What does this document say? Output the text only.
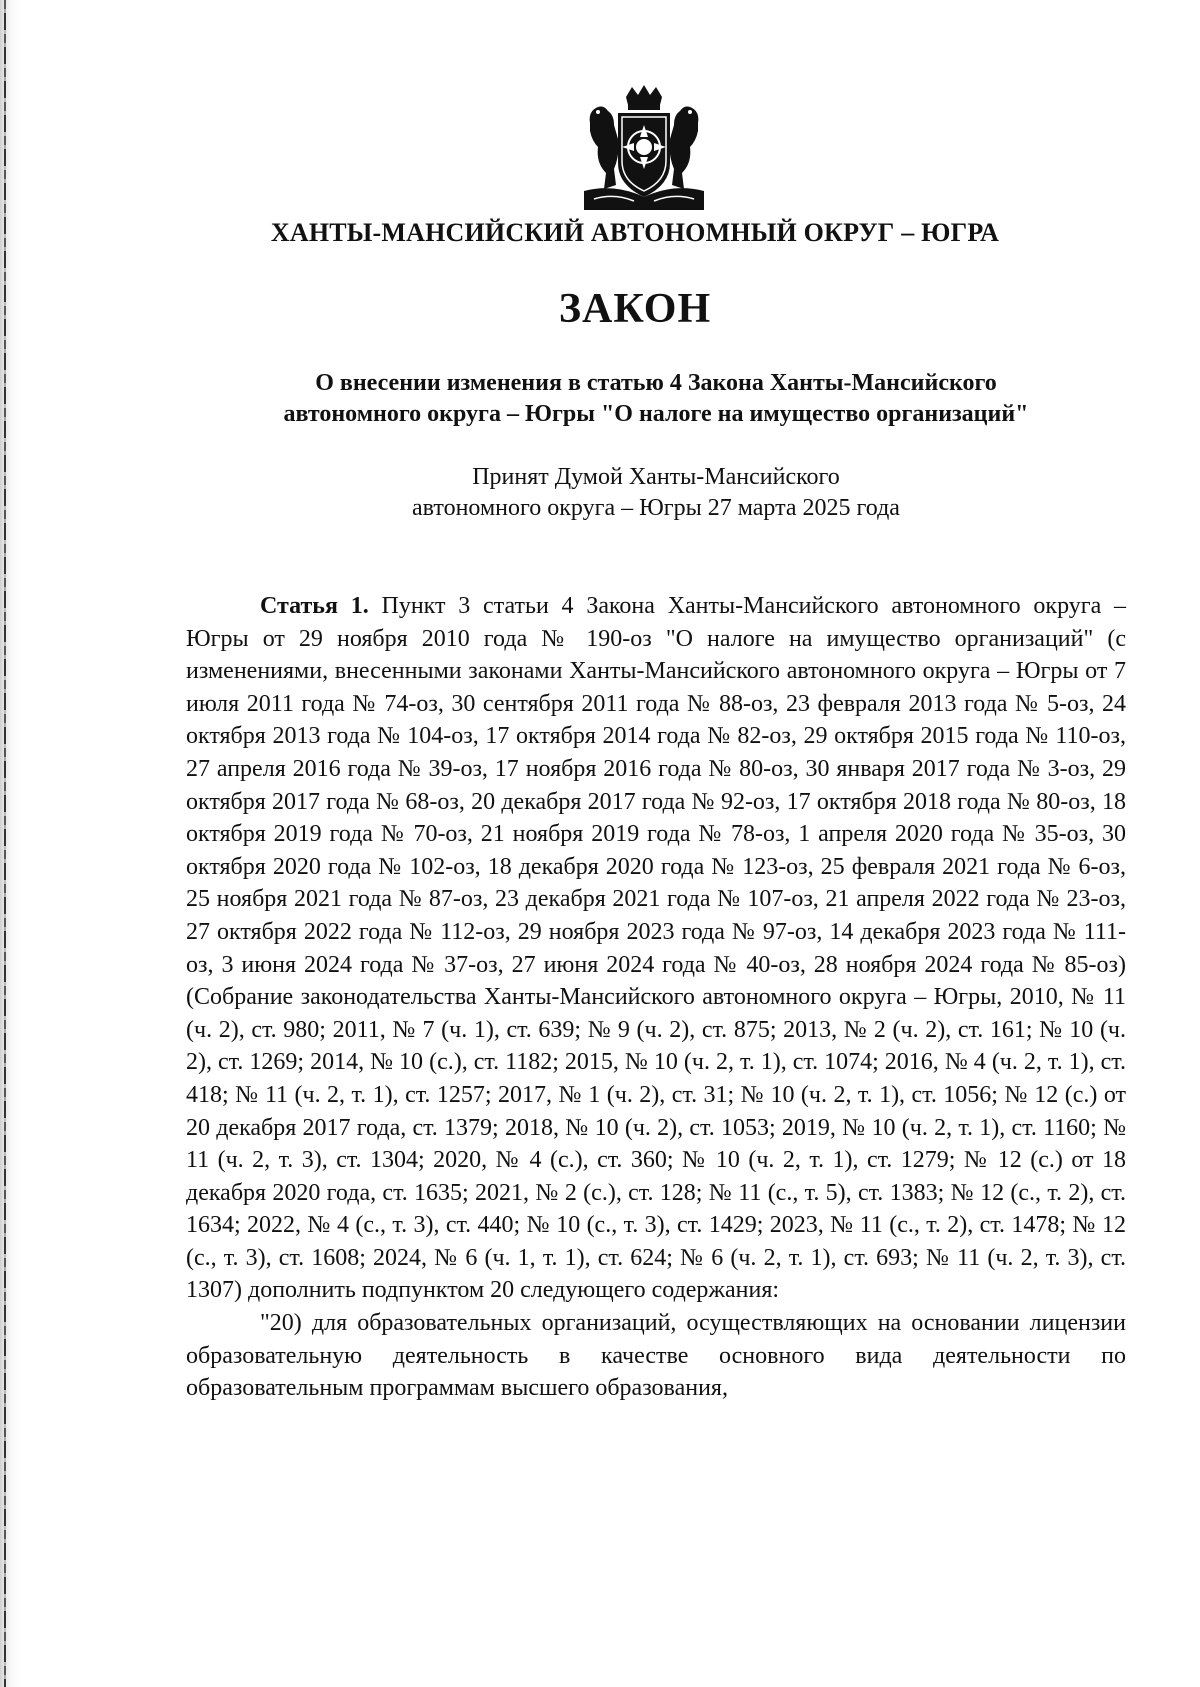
ХАНТЫ-МАНСИЙСКИЙ АВТОНОМНЫЙ ОКРУГ – ЮГРА
ЗАКОН
О внесении изменения в статью 4 Закона Ханты-Мансийского
автономного округа – Югры "О налоге на имущество организаций"
Принят Думой Ханты-Мансийского
автономного округа – Югры 27 марта 2025 года

Статья 1. Пункт 3 статьи 4 Закона Ханты-Мансийского автономного округа – Югры от 29 ноября 2010 года № 190-оз "О налоге на имущество организаций" (с изменениями, внесенными законами Ханты-Мансийского автономного округа – Югры от 7 июля 2011 года № 74-оз, 30 сентября 2011 года № 88-оз, 23 февраля 2013 года № 5-оз, 24 октября 2013 года № 104-оз, 17 октября 2014 года № 82-оз, 29 октября 2015 года № 110-оз, 27 апреля 2016 года № 39-оз, 17 ноября 2016 года № 80-оз, 30 января 2017 года № 3-оз, 29 октября 2017 года № 68-оз, 20 декабря 2017 года № 92-оз, 17 октября 2018 года № 80-оз, 18 октября 2019 года № 70-оз, 21 ноября 2019 года № 78-оз, 1 апреля 2020 года № 35-оз, 30 октября 2020 года № 102-оз, 18 декабря 2020 года № 123-оз, 25 февраля 2021 года № 6-оз, 25 ноября 2021 года № 87-оз, 23 декабря 2021 года № 107-оз, 21 апреля 2022 года № 23-оз, 27 октября 2022 года № 112-оз, 29 ноября 2023 года № 97-оз, 14 декабря 2023 года № 111-оз, 3 июня 2024 года № 37-оз, 27 июня 2024 года № 40-оз, 28 ноября 2024 года № 85-оз) (Собрание законодательства Ханты-Мансийского автономного округа – Югры, 2010, № 11 (ч. 2), ст. 980; 2011, № 7 (ч. 1), ст. 639; № 9 (ч. 2), ст. 875; 2013, № 2 (ч. 2), ст. 161; № 10 (ч. 2), ст. 1269; 2014, № 10 (с.), ст. 1182; 2015, № 10 (ч. 2, т. 1), ст. 1074; 2016, № 4 (ч. 2, т. 1), ст. 418; № 11 (ч. 2, т. 1), ст. 1257; 2017, № 1 (ч. 2), ст. 31; № 10 (ч. 2, т. 1), ст. 1056; № 12 (с.) от 20 декабря 2017 года, ст. 1379; 2018, № 10 (ч. 2), ст. 1053; 2019, № 10 (ч. 2, т. 1), ст. 1160; № 11 (ч. 2, т. 3), ст. 1304; 2020, № 4 (с.), ст. 360; № 10 (ч. 2, т. 1), ст. 1279; № 12 (с.) от 18 декабря 2020 года, ст. 1635; 2021, № 2 (с.), ст. 128; № 11 (с., т. 5), ст. 1383; № 12 (с., т. 2), ст. 1634; 2022, № 4 (с., т. 3), ст. 440; № 10 (с., т. 3), ст. 1429; 2023, № 11 (с., т. 2), ст. 1478; № 12 (с., т. 3), ст. 1608; 2024, № 6 (ч. 1, т. 1), ст. 624; № 6 (ч. 2, т. 1), ст. 693; № 11 (ч. 2, т. 3), ст. 1307) дополнить подпунктом 20 следующего содержания:

"20) для образовательных организаций, осуществляющих на основании лицензии образовательную деятельность в качестве основного вида деятельности по образовательным программам высшего образования,
